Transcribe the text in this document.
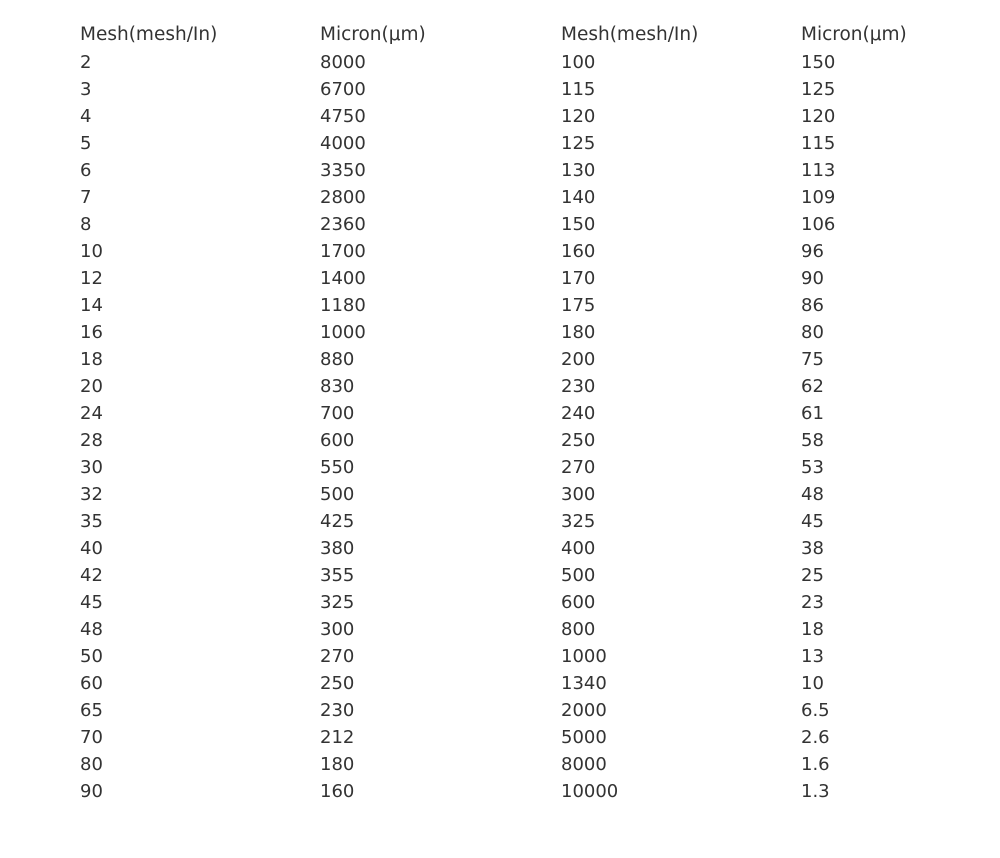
Mesh(mesh/In)	Micron(μm)	Mesh(mesh/In)	Micron(μm)
2	8000	100	150
3	6700	115	125
4	4750	120	120
5	4000	125	115
6	3350	130	113
7	2800	140	109
8	2360	150	106
10	1700	160	96
12	1400	170	90
14	1180	175	86
16	1000	180	80
18	880	200	75
20	830	230	62
24	700	240	61
28	600	250	58
30	550	270	53
32	500	300	48
35	425	325	45
40	380	400	38
42	355	500	25
45	325	600	23
48	300	800	18
50	270	1000	13
60	250	1340	10
65	230	2000	6.5
70	212	5000	2.6
80	180	8000	1.6
90	160	10000	1.3
